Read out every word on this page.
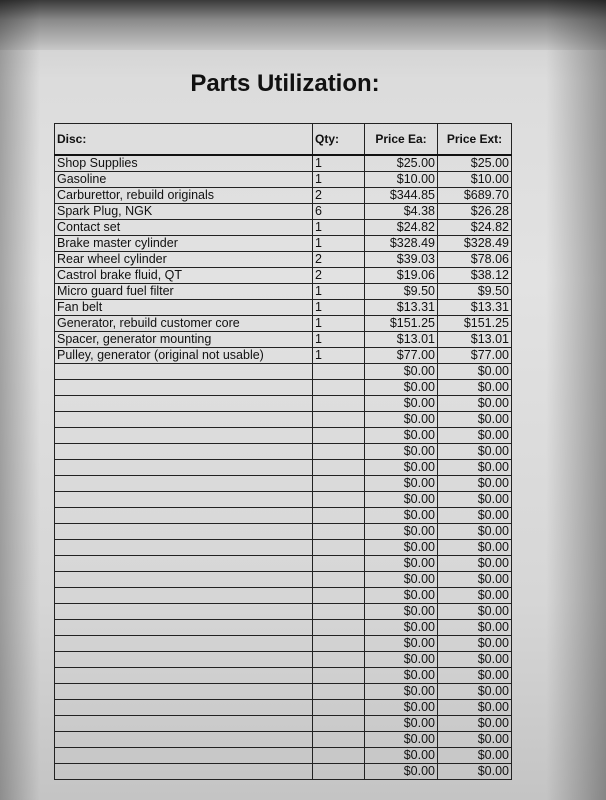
Parts Utilization:
Disc:	Qty:	Price Ea:	Price Ext:
Shop Supplies	1	$25.00	$25.00
Gasoline	1	$10.00	$10.00
Carburettor, rebuild originals	2	$344.85	$689.70
Spark Plug, NGK	6	$4.38	$26.28
Contact set	1	$24.82	$24.82
Brake master cylinder	1	$328.49	$328.49
Rear wheel cylinder	2	$39.03	$78.06
Castrol brake fluid, QT	2	$19.06	$38.12
Micro guard fuel filter	1	$9.50	$9.50
Fan belt	1	$13.31	$13.31
Generator, rebuild customer core	1	$151.25	$151.25
Spacer, generator mounting	1	$13.01	$13.01
Pulley, generator (original not usable)	1	$77.00	$77.00
		$0.00	$0.00
		$0.00	$0.00
		$0.00	$0.00
		$0.00	$0.00
		$0.00	$0.00
		$0.00	$0.00
		$0.00	$0.00
		$0.00	$0.00
		$0.00	$0.00
		$0.00	$0.00
		$0.00	$0.00
		$0.00	$0.00
		$0.00	$0.00
		$0.00	$0.00
		$0.00	$0.00
		$0.00	$0.00
		$0.00	$0.00
		$0.00	$0.00
		$0.00	$0.00
		$0.00	$0.00
		$0.00	$0.00
		$0.00	$0.00
		$0.00	$0.00
		$0.00	$0.00
		$0.00	$0.00
		$0.00	$0.00
